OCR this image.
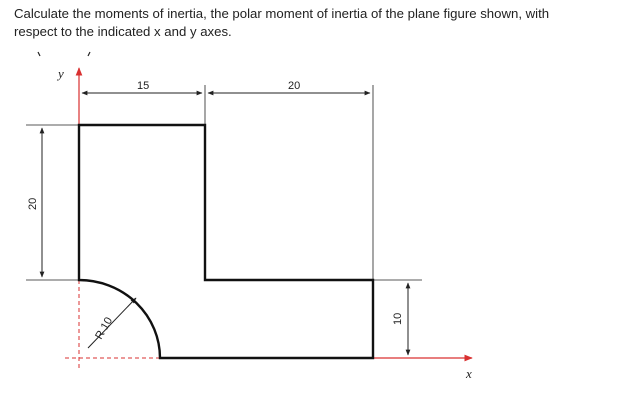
Calculate the moments of inertia, the polar moment of inertia of the plane figure shown, with
respect to the indicated x and y axes.
15	20
20
10
R 10
y
x
